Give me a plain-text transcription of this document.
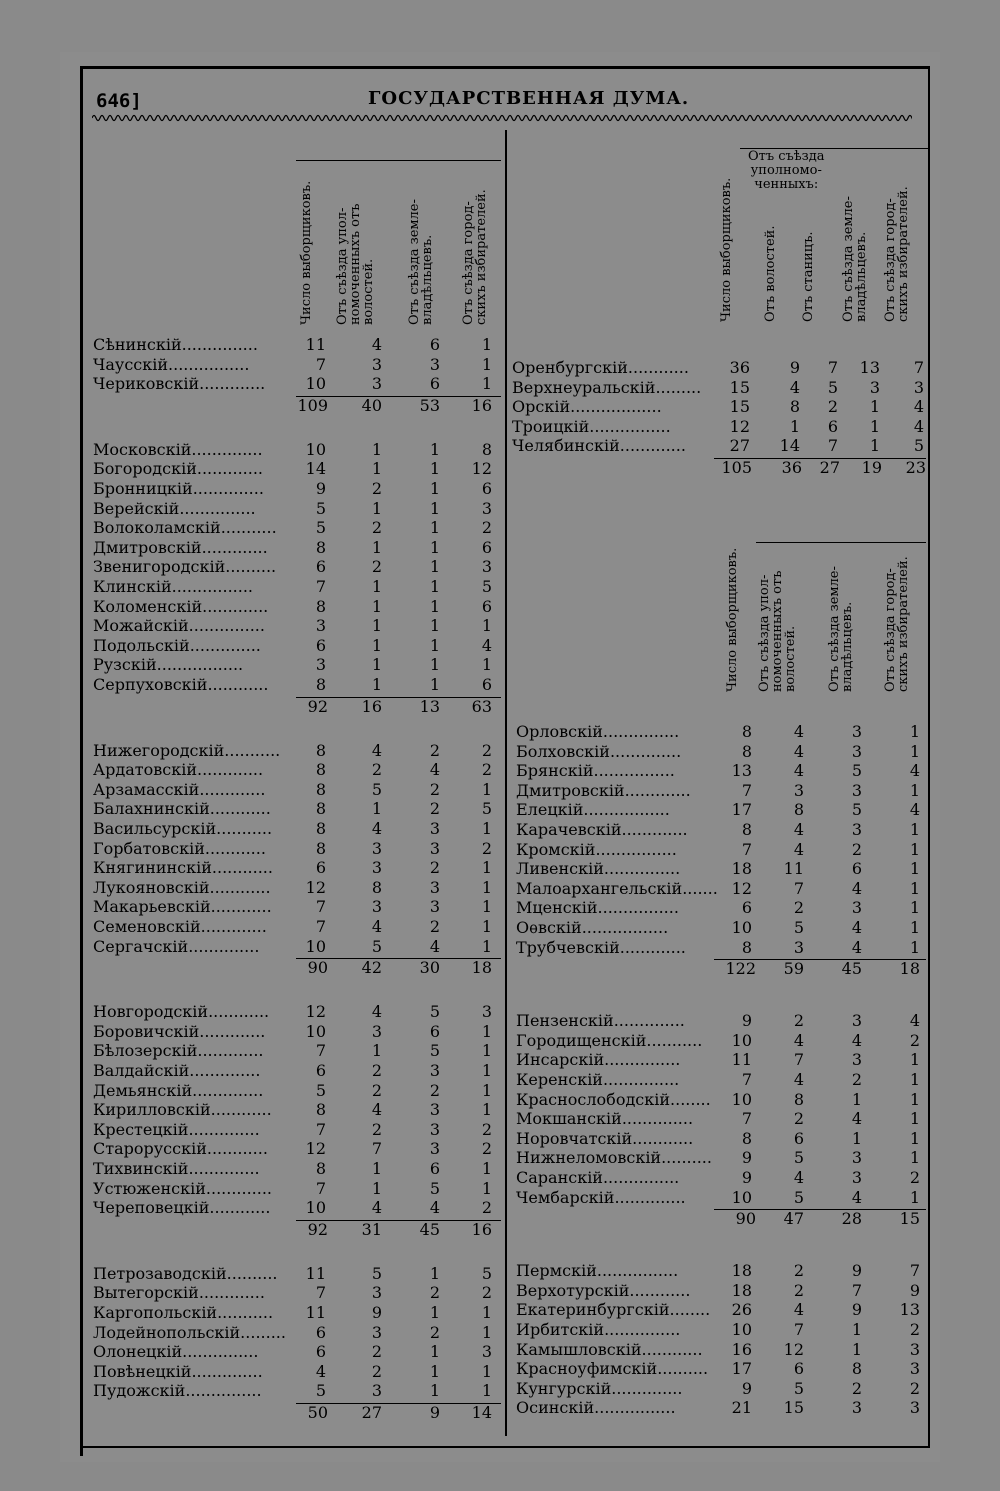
646]	ГОСУДАРСТВЕННАЯ ДУМА.
Число выборщиковъ. Отъ съѣзда упол-
номоченныхъ отъ
волостей. Отъ съѣзда земле-
владѣльцевъ. Отъ съѣзда город-
скихъ избирателей.
Сѣнинскій...............	11	4	6	1
Чаусскій................	7	3	3	1
Чериковскій.............	10	3	6	1
109	40	53	16
Московскій..............	10	1	1	8
Богородскій.............	14	1	1	12
Бронницкій..............	9	2	1	6
Верейскій...............	5	1	1	3
Волоколамскій...........	5	2	1	2
Дмитровскій.............	8	1	1	6
Звенигородскій..........	6	2	1	3
Клинскій................	7	1	1	5
Коломенскій.............	8	1	1	6
Можайскій...............	3	1	1	1
Подольскій..............	6	1	1	4
Рузскій.................	3	1	1	1
Серпуховскій............	8	1	1	6
92	16	13	63
Нижегородскій...........	8	4	2	2
Ардатовскій.............	8	2	4	2
Арзамасскій.............	8	5	2	1
Балахнинскій............	8	1	2	5
Васильсурскій...........	8	4	3	1
Горбатовскій............	8	3	3	2
Княгининскій............	6	3	2	1
Лукояновскій............	12	8	3	1
Макарьевскій............	7	3	3	1
Семеновскій.............	7	4	2	1
Сергачскій..............	10	5	4	1
90	42	30	18
Новгородскій............	12	4	5	3
Боровичскій.............	10	3	6	1
Бѣлозерскій.............	7	1	5	1
Валдайскій..............	6	2	3	1
Демьянскій..............	5	2	2	1
Кирилловскій............	8	4	3	1
Крестецкій..............	7	2	3	2
Старорусскій............	12	7	3	2
Тихвинскій..............	8	1	6	1
Устюженскій.............	7	1	5	1
Череповецкій............	10	4	4	2
92	31	45	16
Петрозаводскій..........	11	5	1	5
Вытегорскій.............	7	3	2	2
Каргопольскій...........	11	9	1	1
Лодейнопольскій.........	6	3	2	1
Олонецкій...............	6	2	1	3
Повѣнецкій..............	4	2	1	1
Пудожскій...............	5	3	1	1
50	27	9	14
Отъ съѣзда
уполномо-
ченныхъ:
Число выборщиковъ. Отъ волостей. Отъ станицъ. Отъ съѣзда земле-
владѣльцевъ. Отъ съѣзда город-
скихъ избирателей.
Оренбургскій............	36	9	7	13	7
Верхнеуральскій.........	15	4	5	3	3
Орскій..................	15	8	2	1	4
Троицкій................	12	1	6	1	4
Челябинскій.............	27	14	7	1	5
105	36	27	19	23
Число выборщиковъ. Отъ съѣзда упол-
номоченныхъ отъ
волостей. Отъ съѣзда земле-
владѣльцевъ. Отъ съѣзда город-
скихъ избирателей.
Орловскій...............	8	4	3	1
Болховскій..............	8	4	3	1
Брянскій................	13	4	5	4
Дмитровскій.............	7	3	3	1
Елецкій.................	17	8	5	4
Карачевскій.............	8	4	3	1
Кромскій................	7	4	2	1
Ливенскій...............	18	11	6	1
Малоархангельскій....... 12	7	4	1
Мценскій................	6	2	3	1
Оѳвскій.................	10	5	4	1
Трубчевскій.............	8	3	4	1
122	59	45	18
Пензенскій..............	9	2	3	4
Городищенскій...........	10	4	4	2
Инсарскій...............	11	7	3	1
Керенскій...............	7	4	2	1
Краснослободскій........	10	8	1	1
Мокшанскій..............	7	2	4	1
Норовчатскій............	8	6	1	1
Нижнеломовскій..........	9	5	3	1
Саранскій...............	9	4	3	2
Чембарскій..............	10	5	4	1
90	47	28	15
Пермскій................	18	2	9	7
Верхотурскій............	18	2	7	9
Екатеринбургскій........	26	4	9	13
Ирбитскій...............	10	7	1	2
Камышловскій............	16	12	1	3
Красноуфимскій..........	17	6	8	3
Кунгурскій..............	9	5	2	2
Оcинскій................	21	15	3	3
